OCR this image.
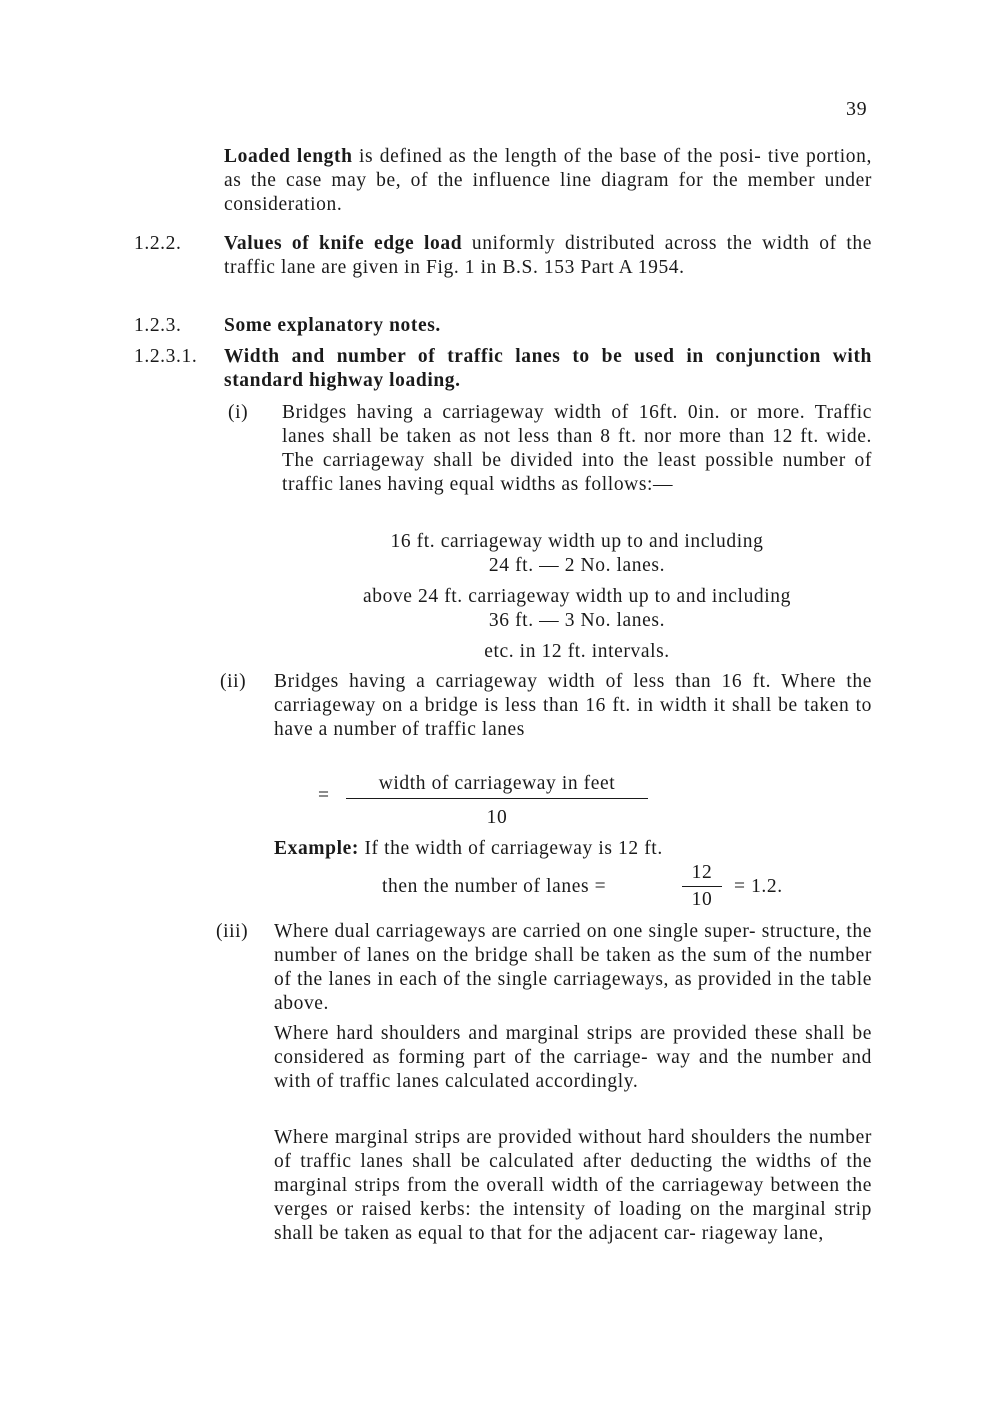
39

Loaded length is defined as the length of the base of the posi- tive portion, as the case may be, of the influence line diagram for the member under consideration.

1.2.2. Values of knife edge load uniformly distributed across the width of the traffic lane are given in Fig. 1 in B.S. 153 Part A 1954.

1.2.3. Some explanatory notes.
1.2.3.1. Width and number of traffic lanes to be used in conjunction with standard highway loading.
(i) Bridges having a carriageway width of 16ft. 0in. or more. Traffic lanes shall be taken as not less than 8 ft. nor more than 12 ft. wide. The carriageway shall be divided into the least possible number of traffic lanes having equal widths as follows:—
16 ft. carriageway width up to and including
24 ft. — 2 No. lanes.
above 24 ft. carriageway width up to and including
36 ft. — 3 No. lanes.
etc. in 12 ft. intervals.
(ii) Bridges having a carriageway width of less than 16 ft. Where the carriageway on a bridge is less than 16 ft. in width it shall be taken to have a number of traffic lanes
=
width of carriageway in feet
10
Example: If the width of carriageway is 12 ft.
then the number of lanes =
12
10
= 1.2.
(iii) Where dual carriageways are carried on one single super- structure, the number of lanes on the bridge shall be taken as the sum of the number of the lanes in each of the single carriageways, as provided in the table above.
Where hard shoulders and marginal strips are provided these shall be considered as forming part of the carriage- way and the number and with of traffic lanes calculated accordingly.
Where marginal strips are provided without hard shoulders the number of traffic lanes shall be calculated after deducting the widths of the marginal strips from the overall width of the carriageway between the verges or raised kerbs: the intensity of loading on the marginal strip shall be taken as equal to that for the adjacent car- riageway lane,
